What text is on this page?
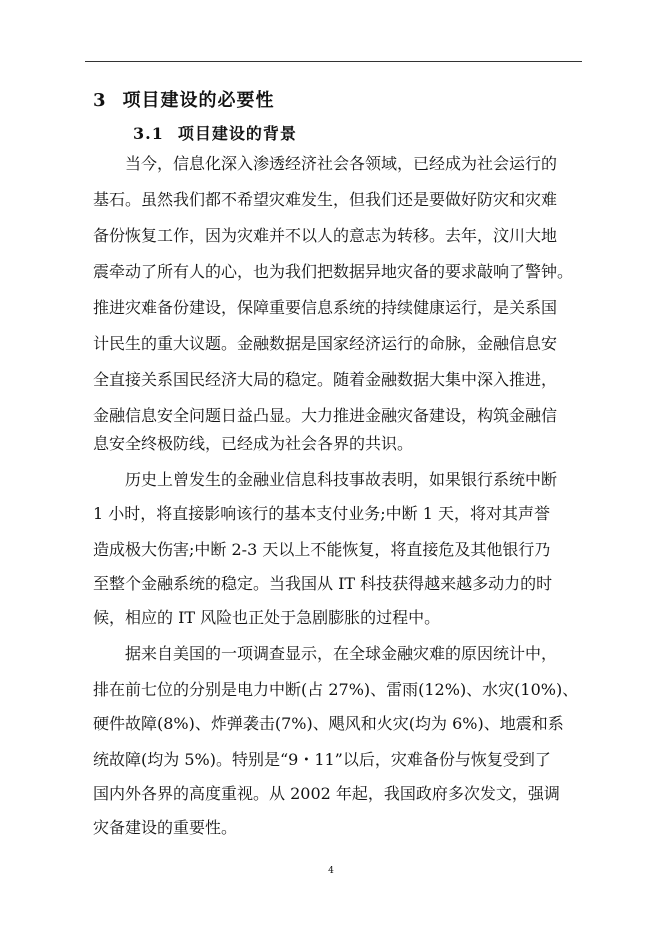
3 项目建设的必要性
3.1 项目建设的背景
当今，信息化深入渗透经济社会各领域，已经成为社会运行的
基石。虽然我们都不希望灾难发生，但我们还是要做好防灾和灾难
备份恢复工作，因为灾难并不以人的意志为转移。去年，汶川大地
震牵动了所有人的心，也为我们把数据异地灾备的要求敲响了警钟。
推进灾难备份建设，保障重要信息系统的持续健康运行，是关系国
计民生的重大议题。金融数据是国家经济运行的命脉，金融信息安
全直接关系国民经济大局的稳定。随着金融数据大集中深入推进，
金融信息安全问题日益凸显。大力推进金融灾备建设，构筑金融信
息安全终极防线，已经成为社会各界的共识。
历史上曾发生的金融业信息科技事故表明，如果银行系统中断
1 小时，将直接影响该行的基本支付业务;中断 1 天，将对其声誉
造成极大伤害;中断 2-3 天以上不能恢复，将直接危及其他银行乃
至整个金融系统的稳定。当我国从 IT 科技获得越来越多动力的时
候，相应的 IT 风险也正处于急剧膨胀的过程中。
据来自美国的一项调查显示，在全球金融灾难的原因统计中，
排在前七位的分别是电力中断(占 27%)、雷雨(12%)、水灾(10%)、
硬件故障(8%)、炸弹袭击(7%)、飓风和火灾(均为 6%)、地震和系
统故障(均为 5%)。特别是“9・11”以后，灾难备份与恢复受到了
国内外各界的高度重视。从 2002 年起，我国政府多次发文，强调
灾备建设的重要性。
4
